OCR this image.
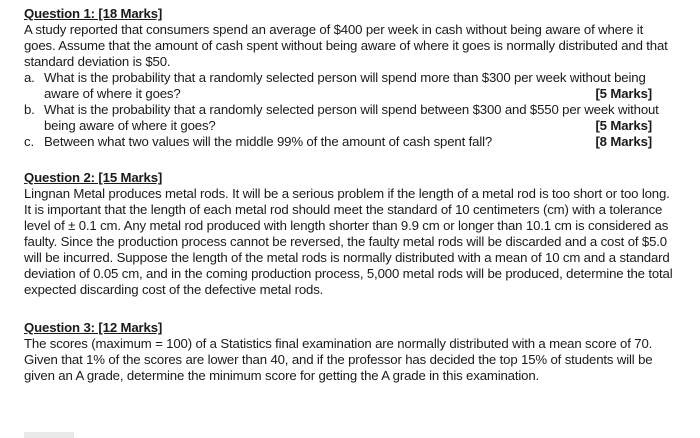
Question 1: [18 Marks]

A study reported that consumers spend an average of $400 per week in cash without being aware of where it goes. Assume that the amount of cash spent without being aware of where it goes is normally distributed and that standard deviation is $50.

a. What is the probability that a randomly selected person will spend more than $300 per week without being aware of where it goes?	[5 Marks]
b. What is the probability that a randomly selected person will spend between $300 and $550 per week without being aware of where it goes?	[5 Marks]
c. Between what two values will the middle 99% of the amount of cash spent fall?	[8 Marks]

Question 2: [15 Marks]

Lingnan Metal produces metal rods. It will be a serious problem if the length of a metal rod is too short or too long. It is important that the length of each metal rod should meet the standard of 10 centimeters (cm) with a tolerance level of ± 0.1 cm. Any metal rod produced with length shorter than 9.9 cm or longer than 10.1 cm is considered as faulty. Since the production process cannot be reversed, the faulty metal rods will be discarded and a cost of $5.0 will be incurred. Suppose the length of the metal rods is normally distributed with a mean of 10 cm and a standard deviation of 0.05 cm, and in the coming production process, 5,000 metal rods will be produced, determine the total expected discarding cost of the defective metal rods.

Question 3: [12 Marks]

The scores (maximum = 100) of a Statistics final examination are normally distributed with a mean score of 70. Given that 1% of the scores are lower than 40, and if the professor has decided the top 15% of students will be given an A grade, determine the minimum score for getting the A grade in this examination.
